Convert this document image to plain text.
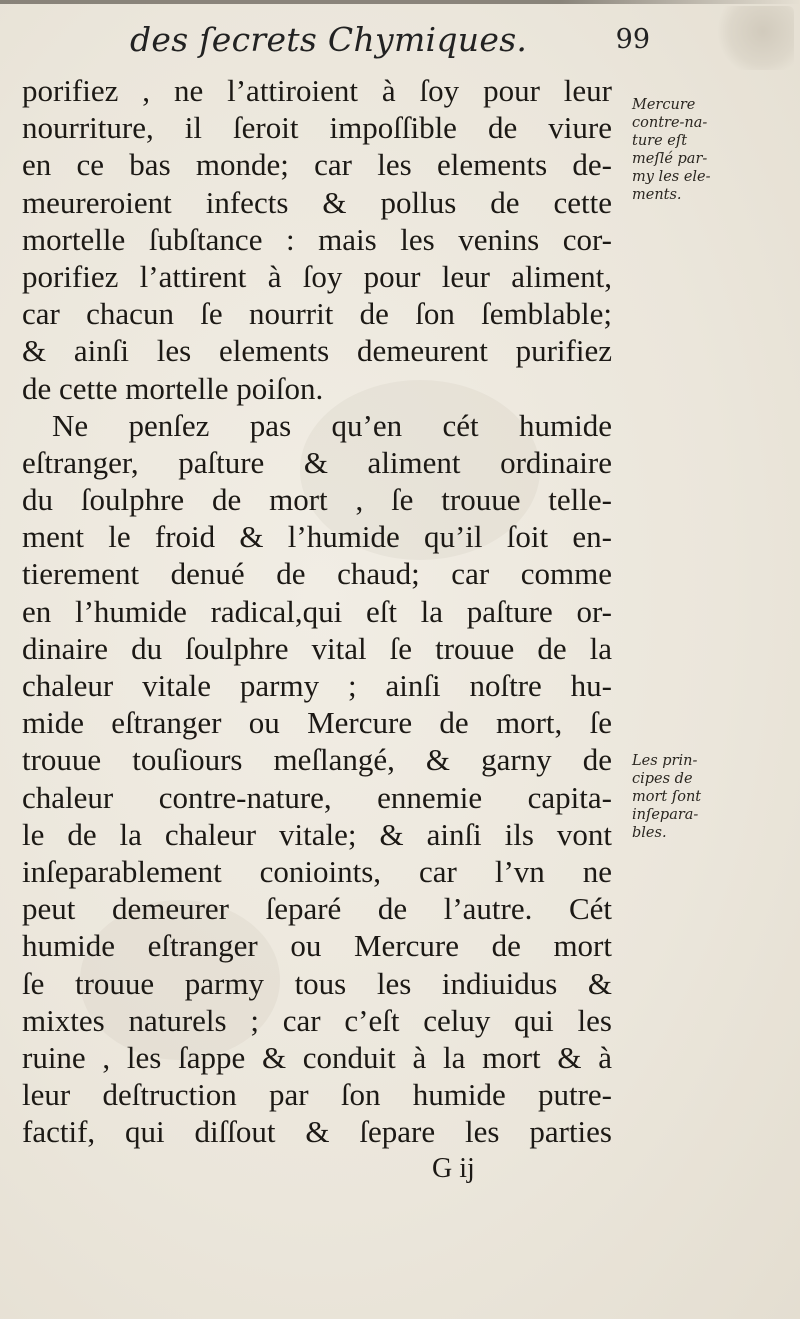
des ſecrets Chymiques.	99
porifiez , ne l’attiroient à ſoy pour leur
nourriture, il ſeroit impoſſible de viure
en ce bas monde; car les elements de-
meureroient infects & pollus de cette
mortelle ſubſtance : mais les venins cor-
porifiez l’attirent à ſoy pour leur aliment,
car chacun ſe nourrit de ſon ſemblable;
& ainſi les elements demeurent purifiez
de cette mortelle poiſon.
Ne penſez pas qu’en cét humide
eſtranger, paſture & aliment ordinaire
du ſoulphre de mort , ſe trouue telle-
ment le froid & l’humide qu’il ſoit en-
tierement denué de chaud; car comme
en l’humide radical,qui eſt la paſture or-
dinaire du ſoulphre vital ſe trouue de la
chaleur vitale parmy ; ainſi noſtre hu-
mide eſtranger ou Mercure de mort, ſe
trouue touſiours meſlangé, & garny de
chaleur contre-nature, ennemie capita-
le de la chaleur vitale; & ainſi ils vont
inſeparablement conioints, car l’vn ne
peut demeurer ſeparé de l’autre. Cét
humide eſtranger ou Mercure de mort
ſe trouue parmy tous les indiuidus &
mixtes naturels ; car c’eſt celuy qui les
ruine , les ſappe & conduit à la mort & à
leur deſtruction par ſon humide putre-
factif, qui diſſout & ſepare les parties
G ij
Mercure
contre-na-
ture eſt
meſlé par-
my les ele-
ments.
Les prin-
cipes de
mort ſont
inſepara-
bles.
